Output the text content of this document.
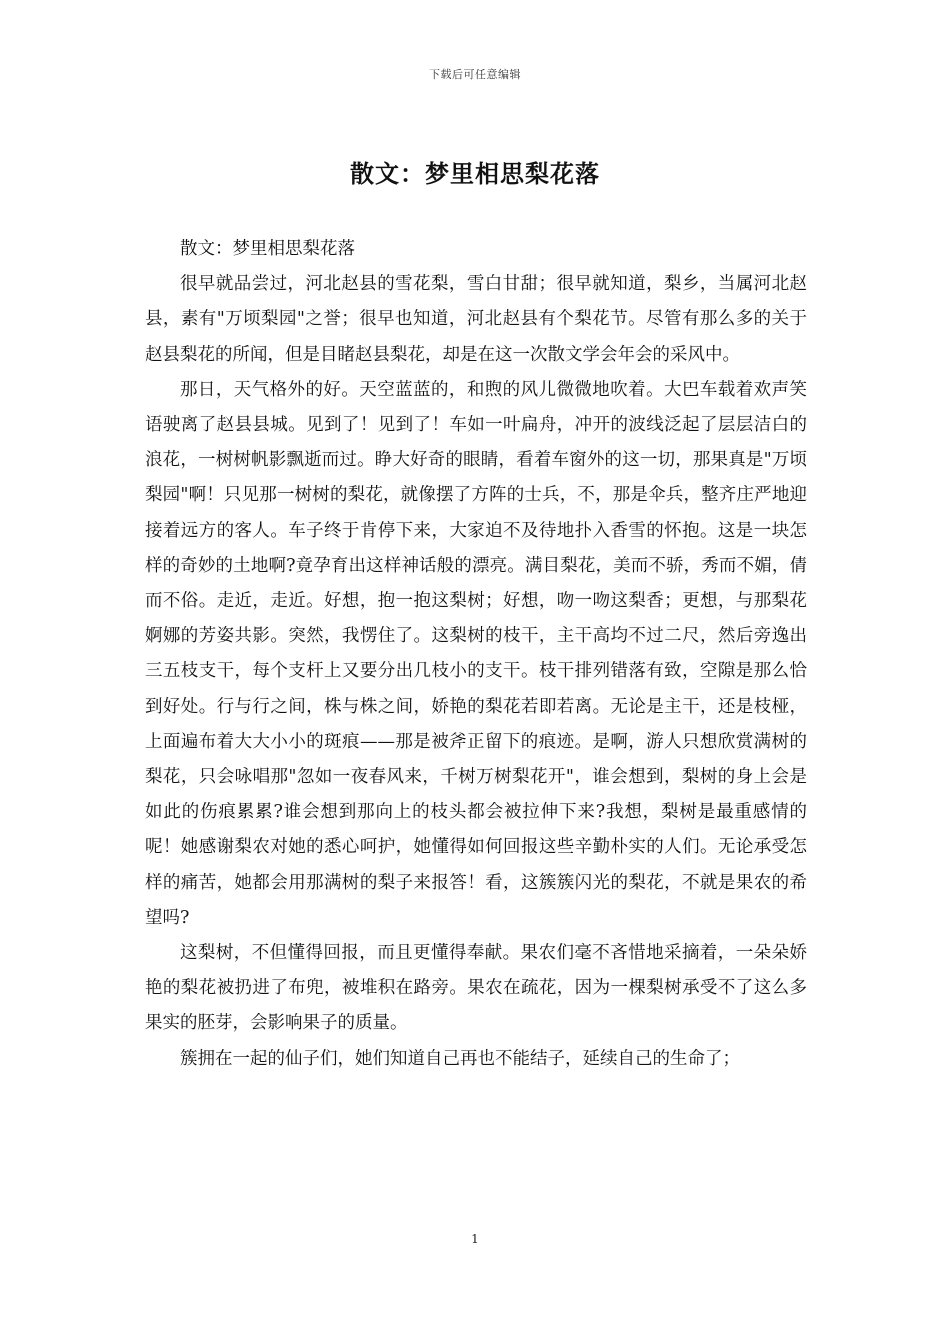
下载后可任意编辑
散文：梦里相思梨花落

散文：梦里相思梨花落

很早就品尝过，河北赵县的雪花梨，雪白甘甜；很早就知道，梨乡，当属河北赵县，素有"万顷梨园"之誉；很早也知道，河北赵县有个梨花节。尽管有那么多的关于赵县梨花的所闻，但是目睹赵县梨花，却是在这一次散文学会年会的采风中。

那日，天气格外的好。天空蓝蓝的，和煦的风儿微微地吹着。大巴车载着欢声笑语驶离了赵县县城。见到了！见到了！车如一叶扁舟，冲开的波线泛起了层层洁白的浪花，一树树帆影飘逝而过。睁大好奇的眼睛，看着车窗外的这一切，那果真是"万顷梨园"啊！只见那一树树的梨花，就像摆了方阵的士兵，不，那是伞兵，整齐庄严地迎接着远方的客人。车子终于肯停下来，大家迫不及待地扑入香雪的怀抱。这是一块怎样的奇妙的土地啊?竟孕育出这样神话般的漂亮。满目梨花，美而不骄，秀而不媚，倩而不俗。走近，走近。好想，抱一抱这梨树；好想，吻一吻这梨香；更想，与那梨花婀娜的芳姿共影。突然，我愣住了。这梨树的枝干，主干高均不过二尺，然后旁逸出三五枝支干，每个支杆上又要分出几枝小的支干。枝干排列错落有致，空隙是那么恰到好处。行与行之间，株与株之间，娇艳的梨花若即若离。无论是主干，还是枝桠，上面遍布着大大小小的斑痕——那是被斧正留下的痕迹。是啊，游人只想欣赏满树的梨花，只会咏唱那"忽如一夜春风来，千树万树梨花开"，谁会想到，梨树的身上会是如此的伤痕累累?谁会想到那向上的枝头都会被拉伸下来?我想，梨树是最重感情的呢！她感谢梨农对她的悉心呵护，她懂得如何回报这些辛勤朴实的人们。无论承受怎样的痛苦，她都会用那满树的梨子来报答！看，这簇簇闪光的梨花，不就是果农的希望吗?

这梨树，不但懂得回报，而且更懂得奉献。果农们毫不吝惜地采摘着，一朵朵娇艳的梨花被扔进了布兜，被堆积在路旁。果农在疏花，因为一棵梨树承受不了这么多果实的胚芽，会影响果子的质量。

簇拥在一起的仙子们，她们知道自己再也不能结子，延续自己的生命了；

1
